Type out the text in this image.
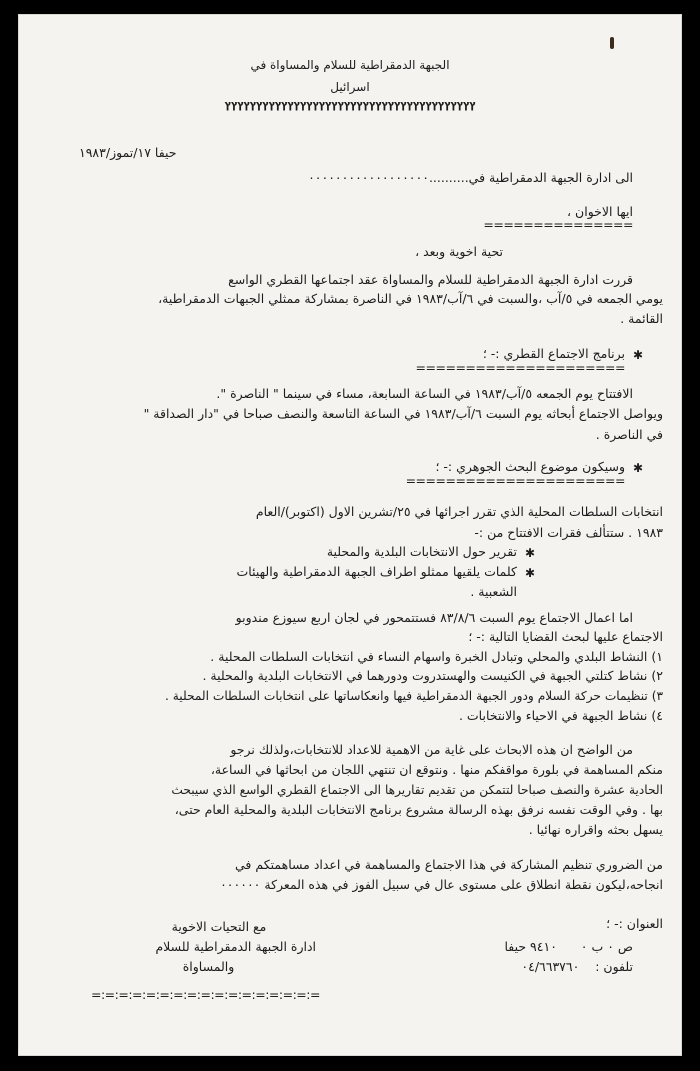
الجبهة الدمقراطية للسلام والمساواة في
اسرائيل
ץץץץץץץץץץץץץץץץץץץץץץץץץץץץץץץץץץץץץץץץ
حيفا ١٧/تموز/١٩٨٣
الى ادارة الجبهة الدمقراطية في..........٠٠٠٠٠٠٠٠٠٠٠٠٠٠٠٠٠٠
ايها الاخوان ،
===============
تحية اخوية وبعد ،
قررت ادارة الجبهة الدمقراطية للسلام والمساواة عقد اجتماعها القطري الواسع
يومي الجمعه في ٥/آب ،والسبت في ٦/آب/١٩٨٣ في الناصرة بمشاركة ممثلي الجبهات الدمقراطية،
القائمة .
✱
برنامج الاجتماع القطري :- ؛
=====================
الافتتاح يوم الجمعه ٥/آب/١٩٨٣ في الساعة السابعة، مساء في سينما " الناصرة ".
ويواصل الاجتماع أبحاثه يوم السبت ٦/آب/١٩٨٣ في الساعة التاسعة والنصف صباحا في "دار الصداقة "
في الناصرة .
✱
وسيكون موضوع البحث الجوهري :- ؛
======================
انتخابات السلطات المحلية الذي تقرر اجرائها في ٢٥/تشرين الاول (اكتوبر)/العام
١٩٨٣ . ستتألف فقرات الافتتاح من :-
✱
تقرير حول الانتخابات البلدية والمحلية
✱
كلمات يلقيها ممثلو اطراف الجبهة الدمقراطية والهيئات
الشعبية .
اما اعمال الاجتماع يوم السبت ٨٣/٨/٦ فستتمحور في لجان اربع سيوزع مندوبو
الاجتماع عليها لبحث القضايا التالية :- ؛
١) النشاط البلدي والمحلي وتبادل الخبرة واسهام النساء في انتخابات السلطات المحلية .
٢) نشاط كتلتي الجبهة في الكنيست والهستدروت ودورهما في الانتخابات البلدية والمحلية .
٣) تنظيمات حركة السلام ودور الجبهة الدمقراطية فيها وانعكاساتها على انتخابات السلطات المحلية .
٤) نشاط الجبهة في الاحياء والانتخابات .
من الواضح ان هذه الابحاث على غاية من الاهمية للاعداد للانتخابات،ولذلك نرجو
منكم المساهمة في بلورة مواقفكم منها . ونتوقع ان تنتهي اللجان من ابحاثها في الساعة،
الحادية عشرة والنصف صباحا لتتمكن من تقديم تقاريرها الى الاجتماع القطري الواسع الذي سيبحث
بها . وفي الوقت نفسه نرفق بهذه الرسالة مشروع برنامج الانتخابات البلدية والمحلية العام حتى،
يسهل بحثه واقراره نهائيا .
من الضروري تنظيم المشاركة في هذا الاجتماع والمساهمة في اعداد مساهمتكم في
انجاحه،ليكون نقطة انطلاق على مستوى عال في سبيل الفوز في هذه المعركة ٠٠٠٠٠٠
العنوان :- ؛
ص ٠ ب ٠      ٩٤١٠ حيفا
تلفون :    ٠٤/٦٦٣٧٦٠
مع التحيات الاخوية
ادارة الجبهة الدمقراطية للسلام
والمساواة
=:=:=:=:=:=:=:=:=:=:=:=:=:=:=:=:=
